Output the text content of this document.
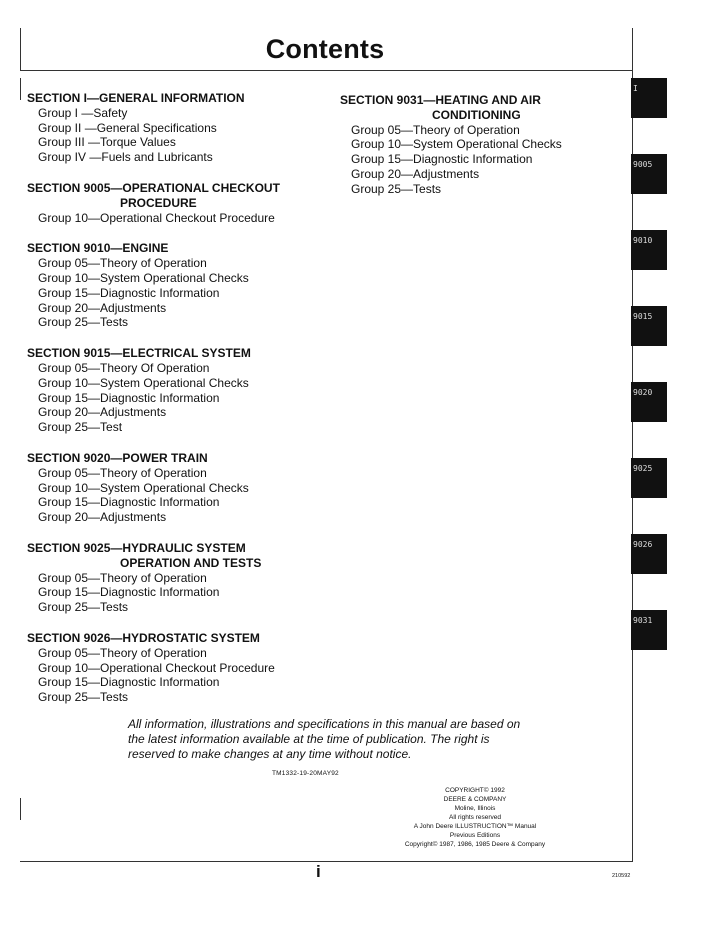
Contents
SECTION I—GENERAL INFORMATION
Group I —Safety
Group II —General Specifications
Group III —Torque Values
Group IV —Fuels and Lubricants
SECTION 9005—OPERATIONAL CHECKOUT
PROCEDURE
Group 10—Operational Checkout Procedure
SECTION 9010—ENGINE
Group 05—Theory of Operation
Group 10—System Operational Checks
Group 15—Diagnostic Information
Group 20—Adjustments
Group 25—Tests
SECTION 9015—ELECTRICAL SYSTEM
Group 05—Theory Of Operation
Group 10—System Operational Checks
Group 15—Diagnostic Information
Group 20—Adjustments
Group 25—Test
SECTION 9020—POWER TRAIN
Group 05—Theory of Operation
Group 10—System Operational Checks
Group 15—Diagnostic Information
Group 20—Adjustments
SECTION 9025—HYDRAULIC SYSTEM
OPERATION AND TESTS
Group 05—Theory of Operation
Group 15—Diagnostic Information
Group 25—Tests
SECTION 9026—HYDROSTATIC SYSTEM
Group 05—Theory of Operation
Group 10—Operational Checkout Procedure
Group 15—Diagnostic Information
Group 25—Tests
SECTION 9031—HEATING AND AIR
CONDITIONING
Group 05—Theory of Operation
Group 10—System Operational Checks
Group 15—Diagnostic Information
Group 20—Adjustments
Group 25—Tests
All information, illustrations and specifications in this manual are based on
the latest information available at the time of publication. The right is
reserved to make changes at any time without notice.
TM1332-19-20MAY92
COPYRIGHT© 1992
DEERE & COMPANY
Moline, Illinois
All rights reserved
A John Deere ILLUSTRUCTION™ Manual
Previous Editions
Copyright© 1987, 1986, 1985 Deere & Company
i	210592
I
9005
9010
9015
9020
9025
9026
9031
